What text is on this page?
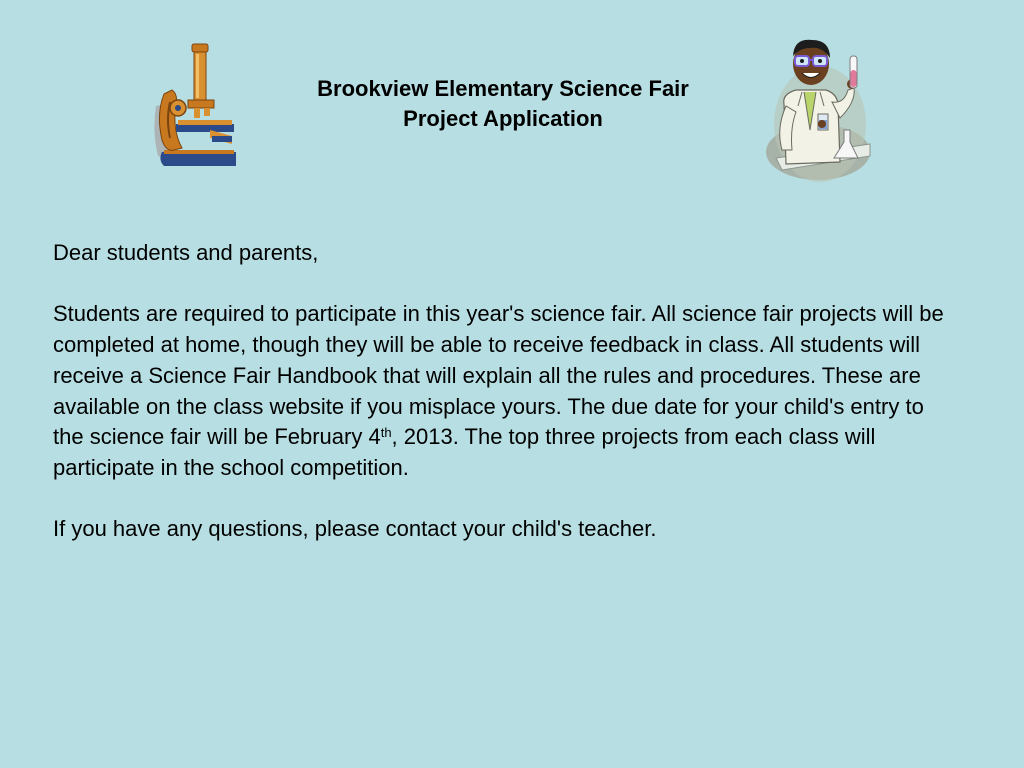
Brookview Elementary Science Fair
Project Application

Dear students and parents,

Students are required to participate in this year's science fair. All science fair projects will be completed at home, though they will be able to receive feedback in class. All students will receive a Science Fair Handbook that will explain all the rules and procedures. These are available on the class website if you misplace yours. The due date for your child's entry to the science fair will be February 4th, 2013. The top three projects from each class will participate in the school competition.

If you have any questions, please contact your child's teacher.
